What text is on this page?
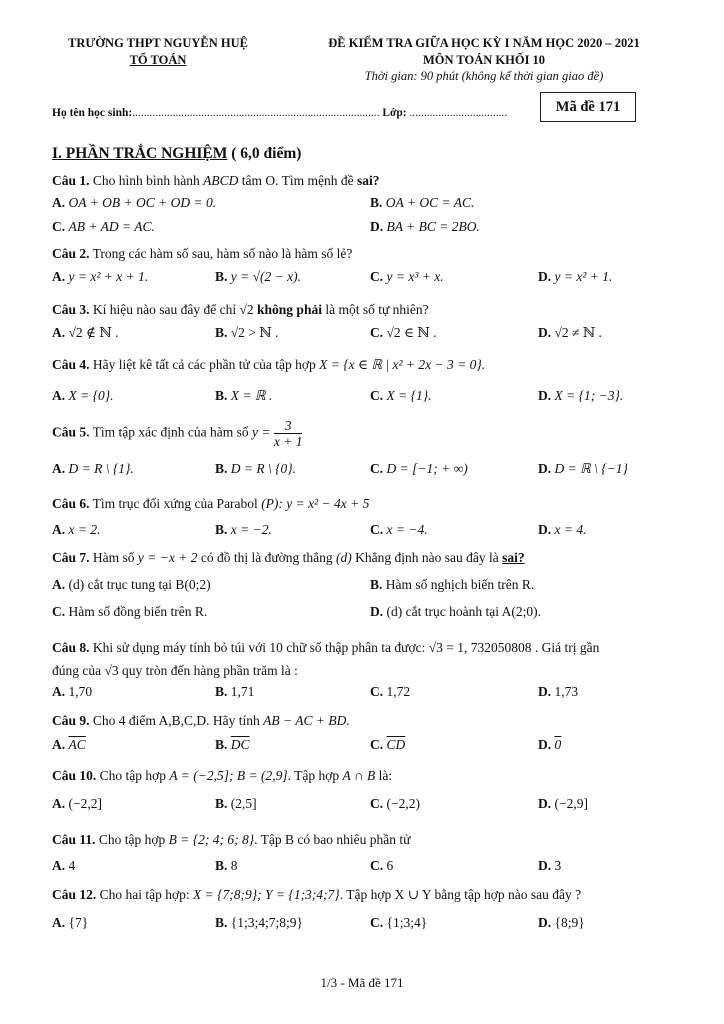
TRƯỜNG THPT NGUYỄN HUỆ
TỔ TOÁN
ĐỀ KIỂM TRA GIỮA HỌC KỲ I NĂM HỌC 2020 – 2021
MÔN TOÁN KHỐI 10
Thời gian: 90 phút (không kể thời gian giao đề)
Họ tên học sinh:...................................................................................... Lớp: ..................................	Mã đề 171
I. PHẦN TRẮC NGHIỆM ( 6,0 điểm)
Câu 1. Cho hình bình hành ABCD tâm O. Tìm mệnh đề sai?
A. OA + OB + OC + OD = 0.	B. OA + OC = AC.
C. AB + AD = AC.	D. BA + BC = 2BO.
Câu 2. Trong các hàm số sau, hàm số nào là hàm số lẻ?
A. y = x² + x + 1.	B. y = √(2 − x).	C. y = x³ + x.	D. y = x² + 1.
Câu 3. Kí hiệu nào sau đây để chỉ √2 không phải là một số tự nhiên?
A. √2 ∉ ℕ .	B. √2 > ℕ .	C. √2 ∈ ℕ .	D. √2 ≠ ℕ .
Câu 4. Hãy liệt kê tất cả các phần tử của tập hợp X = {x ∈ ℝ | x² + 2x − 3 = 0}.
A. X = {0}.	B. X = ℝ .	C. X = {1}.	D. X = {1; −3}.
Câu 5. Tìm tập xác định của hàm số $y = \frac{3}{x + 1}$
A. D = R \ {1}.	B. D = R \ {0}.	C. D = [−1; + ∞)	D. D = ℝ \ {−1}
Câu 6. Tìm trục đối xứng của Parabol (P): y = x² − 4x + 5
A. x = 2.	B. x = −2.	C. x = −4.	D. x = 4.
Câu 7. Hàm số y = −x + 2 có đồ thị là đường thẳng (d) Khẳng định nào sau đây là sai?
A. (d) cắt trục tung tại B(0;2)	B. Hàm số nghịch biến trên R.
C. Hàm số đồng biến trên R.	D. (d) cắt trục hoành tại A(2;0).
Câu 8. Khi sử dụng máy tính bỏ túi với 10 chữ số thập phân ta được: √3 = 1, 732050808 . Giá trị gần
đúng của √3 quy tròn đến hàng phần trăm là :
A. 1,70	B. 1,71	C. 1,72	D. 1,73
Câu 9. Cho 4 điểm A,B,C,D. Hãy tính AB − AC + BD.
A. $\overline{AC}$	B. $\overline{DC}$	C. $\overline{CD}$	D. 0
Câu 10. Cho tập hợp A = (−2,5]; B = (2,9]. Tập hợp A ∩ B là:
A. (−2,2]	B. (2,5]	C. (−2,2)	D. (−2,9]
Câu 11. Cho tập hợp B = {2; 4; 6; 8}. Tập B có bao nhiêu phần tử
A. 4	B. 8	C. 6	D. 3
Câu 12. Cho hai tập hợp: X = {7;8;9}; Y = {1;3;4;7}. Tập hợp X ∪ Y bằng tập hợp nào sau đây ?
A. {7}	B. {1;3;4;7;8;9}	C. {1;3;4}	D. {8;9}
1/3 - Mã đề 171
